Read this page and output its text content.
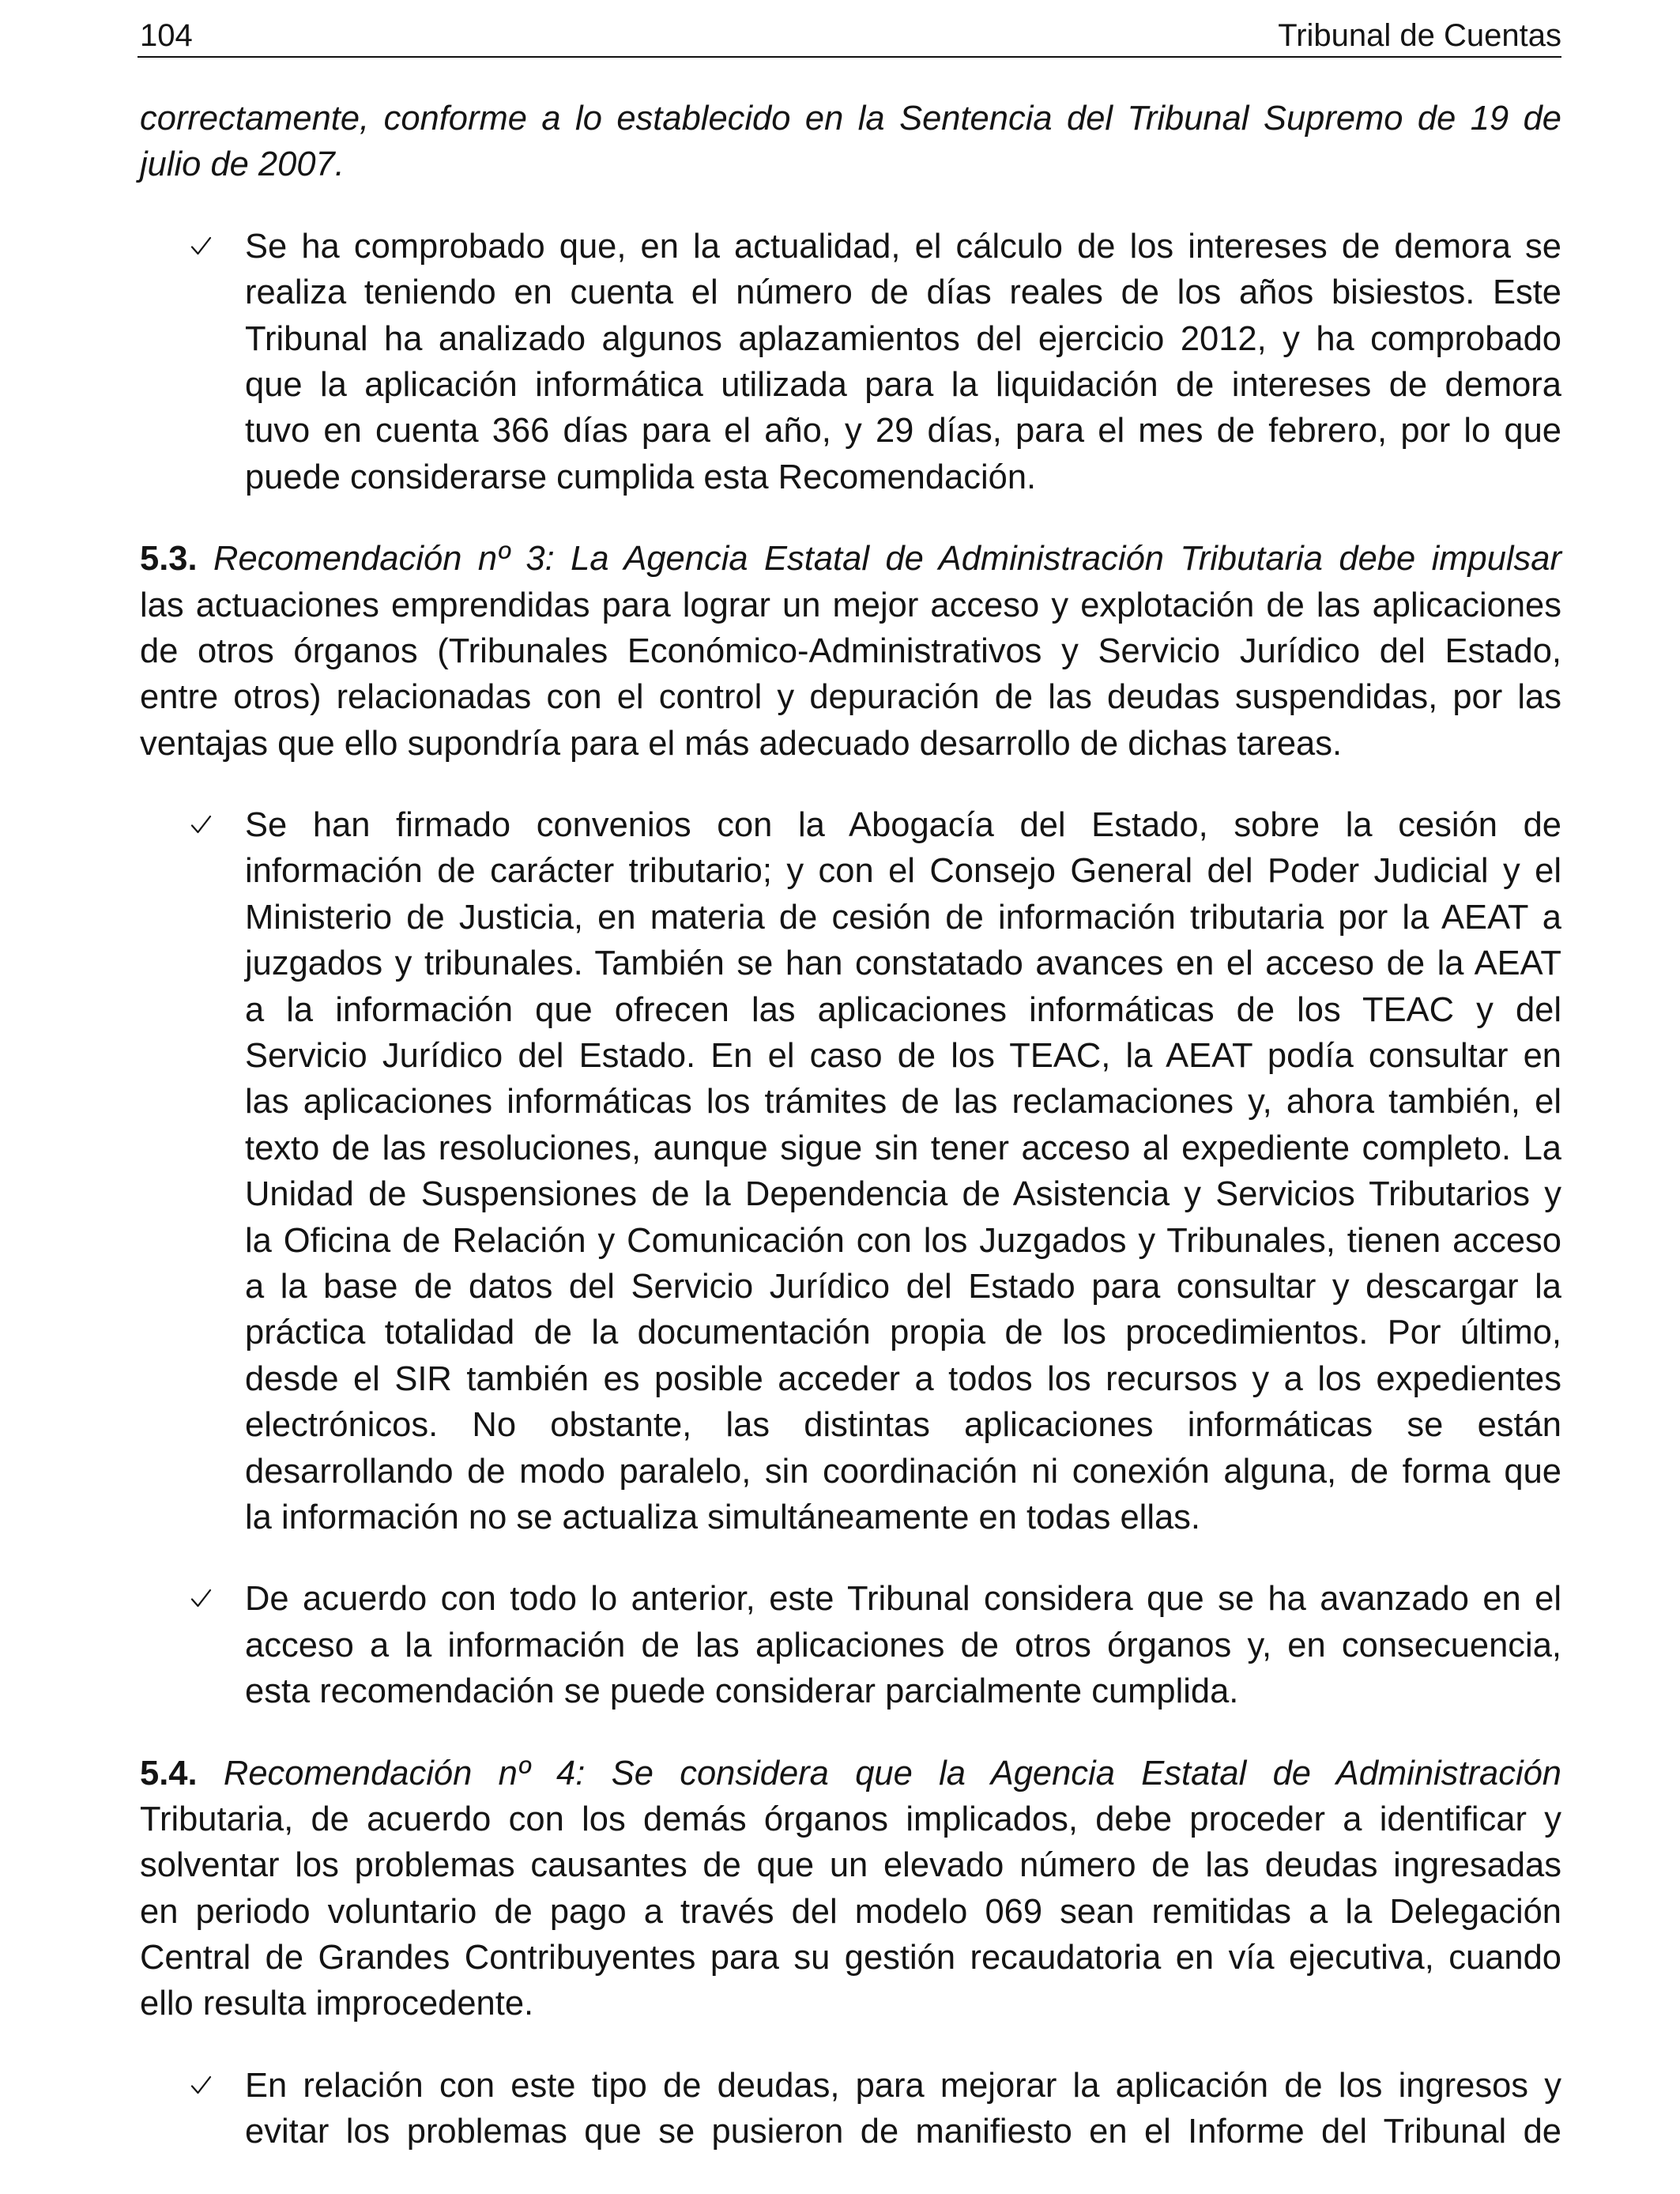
104	Tribunal de Cuentas
correctamente, conforme a lo establecido en la Sentencia del Tribunal Supremo de 19 de
julio de 2007.
Se ha comprobado que, en la actualidad, el cálculo de los intereses de demora se
realiza teniendo en cuenta el número de días reales de los años bisiestos. Este
Tribunal ha analizado algunos aplazamientos del ejercicio 2012, y ha comprobado
que la aplicación informática utilizada para la liquidación de intereses de demora
tuvo en cuenta 366 días para el año, y 29 días, para el mes de febrero, por lo que
puede considerarse cumplida esta Recomendación.
5.3. Recomendación nº 3: La Agencia Estatal de Administración Tributaria debe impulsar
las actuaciones emprendidas para lograr un mejor acceso y explotación de las aplicaciones
de otros órganos (Tribunales Económico-Administrativos y Servicio Jurídico del Estado,
entre otros) relacionadas con el control y depuración de las deudas suspendidas, por las
ventajas que ello supondría para el más adecuado desarrollo de dichas tareas.
Se han firmado convenios con la Abogacía del Estado, sobre la cesión de
información de carácter tributario; y con el Consejo General del Poder Judicial y el
Ministerio de Justicia, en materia de cesión de información tributaria por la AEAT a
juzgados y tribunales. También se han constatado avances en el acceso de la AEAT
a la información que ofrecen las aplicaciones informáticas de los TEAC y del
Servicio Jurídico del Estado. En el caso de los TEAC, la AEAT podía consultar en
las aplicaciones informáticas los trámites de las reclamaciones y, ahora también, el
texto de las resoluciones, aunque sigue sin tener acceso al expediente completo. La
Unidad de Suspensiones de la Dependencia de Asistencia y Servicios Tributarios y
la Oficina de Relación y Comunicación con los Juzgados y Tribunales, tienen acceso
a la base de datos del Servicio Jurídico del Estado para consultar y descargar la
práctica totalidad de la documentación propia de los procedimientos. Por último,
desde el SIR también es posible acceder a todos los recursos y a los expedientes
electrónicos. No obstante, las distintas aplicaciones informáticas se están
desarrollando de modo paralelo, sin coordinación ni conexión alguna, de forma que
la información no se actualiza simultáneamente en todas ellas.
De acuerdo con todo lo anterior, este Tribunal considera que se ha avanzado en el
acceso a la información de las aplicaciones de otros órganos y, en consecuencia,
esta recomendación se puede considerar parcialmente cumplida.
5.4. Recomendación nº 4: Se considera que la Agencia Estatal de Administración
Tributaria, de acuerdo con los demás órganos implicados, debe proceder a identificar y
solventar los problemas causantes de que un elevado número de las deudas ingresadas
en periodo voluntario de pago a través del modelo 069 sean remitidas a la Delegación
Central de Grandes Contribuyentes para su gestión recaudatoria en vía ejecutiva, cuando
ello resulta improcedente.
En relación con este tipo de deudas, para mejorar la aplicación de los ingresos y
evitar los problemas que se pusieron de manifiesto en el Informe del Tribunal de
